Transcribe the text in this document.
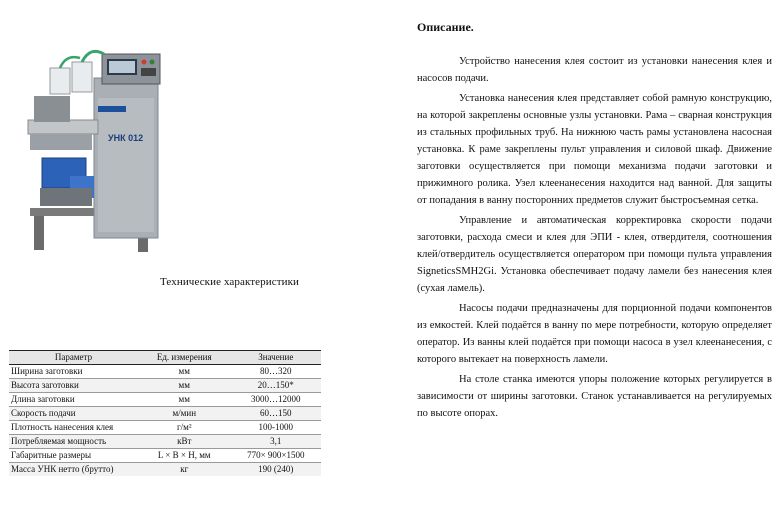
УНК 012
Технические характеристики
Параметр	Ед. измерения	Значение
Ширина заготовки	мм	80…320
Высота заготовки	мм	20…150*
Длина заготовки	мм	3000…12000
Скорость подачи	м/мин	60…150
Плотность нанесения клея	г/м²	100-1000
Потребляемая мощность	кВт	3,1
Габаритные размеры	L × B × H, мм	770× 900×1500
Масса УНК нетто (брутто)	кг	190 (240)
Описание.

Устройство нанесения клея состоит из установки нанесения клея и насосов подачи.

Установка нанесения клея представляет собой рамную конструкцию, на которой закреплены основные узлы установки. Рама – сварная конструкция из стальных профильных труб. На нижнюю часть рамы установлена насосная установка. К раме закреплены пульт управления и силовой шкаф. Движение заготовки осуществляется при помощи механизма подачи заготовки и прижимного ролика. Узел клеенанесения находится над ванной. Для защиты от попадания в ванну посторонних предметов служит быстросъемная сетка.

Управление и автоматическая корректировка скорости подачи заготовки, расхода смеси и клея для ЭПИ - клея, отвердителя, соотношения клей/отвердитель осуществляется оператором при помощи пульта управления SigneticsSMH2Gi. Установка обеспечивает подачу ламели без нанесения клея (сухая ламель).

Насосы подачи предназначены для порционной подачи компонентов из емкостей. Клей подаётся в ванну по мере потребности, которую определяет оператор. Из ванны клей подаётся при помощи насоса в узел клеенанесения, с которого вытекает на поверхность ламели.

На столе станка имеются упоры положение которых регулируется в зависимости от ширины заготовки. Станок устанавливается на регулируемых по высоте опорах.
